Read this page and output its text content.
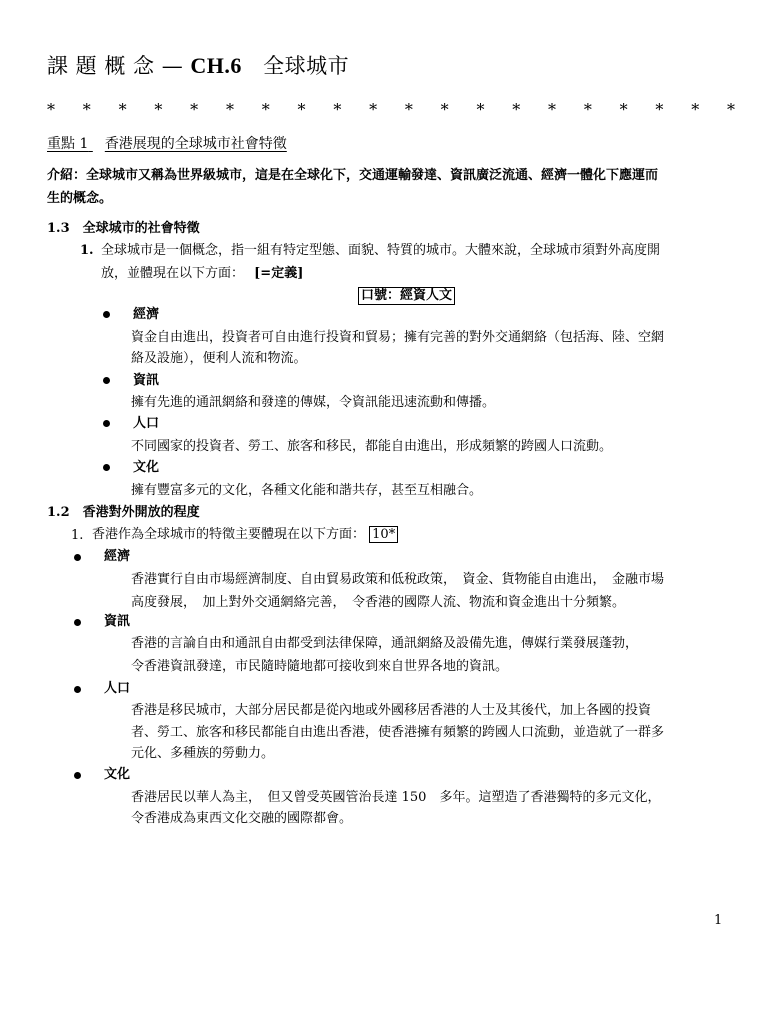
課 題 概 念 — CH.6 全球城市
* * * * * * * * * * * * * * * * * * * *
重點 1 香港展現的全球城市社會特徵
介紹：全球城市又稱為世界級城市，這是在全球化下，交通運輸發達、資訊廣泛流通、經濟一體化下應運而
生的概念。
1.3　全球城市的社會特徵
1. 全球城市是一個概念，指一組有特定型態、面貌、特質的城市。大體來說，全球城市須對外高度開
放，並體現在以下方面： [=定義]
口號：經資人文
經濟
資金自由進出，投資者可自由進行投資和貿易；擁有完善的對外交通網絡（包括海、陸、空網
絡及設施），便利人流和物流。
資訊
擁有先進的通訊網絡和發達的傳媒，令資訊能迅速流動和傳播。
人口
不同國家的投資者、勞工、旅客和移民，都能自由進出，形成頻繁的跨國人口流動。
文化
擁有豐富多元的文化，各種文化能和諧共存，甚至互相融合。
1.2　香港對外開放的程度
1. 香港作為全球城市的特徵主要體現在以下方面： 10*
經濟
香港實行自由市場經濟制度、自由貿易政策和低稅政策，　資金、貨物能自由進出，　金融市場
高度發展，　加上對外交通網絡完善，　令香港的國際人流、物流和資金進出十分頻繁。
資訊
香港的言論自由和通訊自由都受到法律保障，通訊網絡及設備先進，傳媒行業發展蓬勃，
令香港資訊發達，市民隨時隨地都可接收到來自世界各地的資訊。
人口
香港是移民城市，大部分居民都是從內地或外國移居香港的人士及其後代，加上各國的投資
者、勞工、旅客和移民都能自由進出香港，使香港擁有頻繁的跨國人口流動，並造就了一群多
元化、多種族的勞動力。
文化
香港居民以華人為主，　但又曾受英國管治長達 150　多年。這塑造了香港獨特的多元文化，
令香港成為東西文化交融的國際都會。
1
